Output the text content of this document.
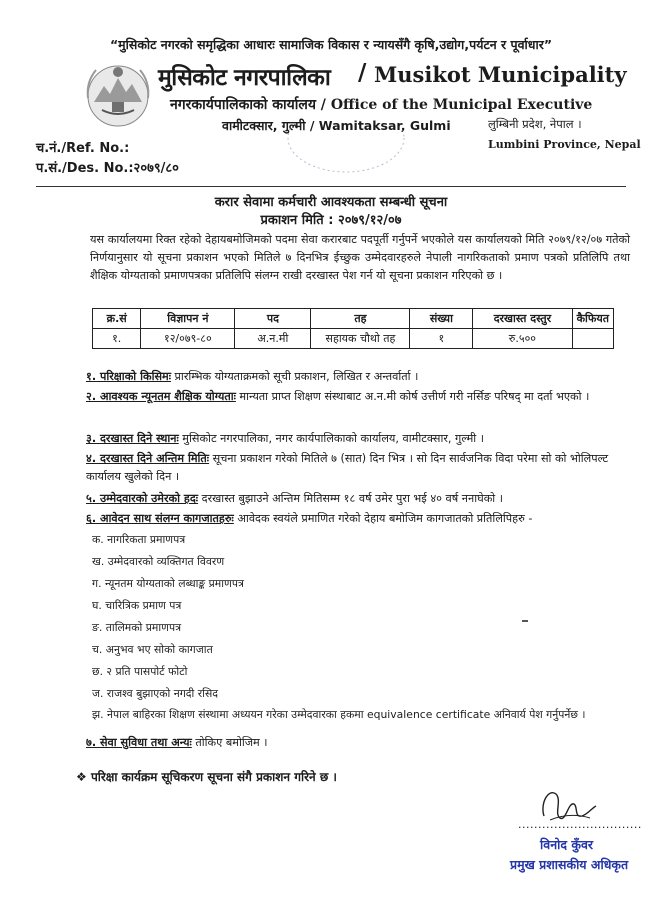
“मुसिकोट नगरको समृद्धिका आधारः सामाजिक विकास र न्यायसँगै कृषि,उद्योग,पर्यटन र पूर्वाधार”
मुसिकोट नगरपालिका / Musikot Municipality
नगरकार्यपालिकाको कार्यालय / Office of the Municipal Executive
वामीटक्सार, गुल्मी / Wamitaksar, Gulmi	लुम्बिनी प्रदेश, नेपाल ।
Lumbini Province, Nepal
च.नं./Ref. No.:
प.सं./Des. No.:२०७९/८०
करार सेवामा कर्मचारी आवश्यकता सम्बन्धी सूचना
प्रकाशन मिति : २०७९/१२/०७
यस कार्यालयमा रिक्त रहेको देहायबमोजिमको पदमा सेवा करारबाट पदपूर्ती गर्नुपर्ने भएकोले यस कार्यालयको मिति २०७९/१२/०७ गतेको निर्णयानुसार यो सूचना प्रकाशन भएको मितिले ७ दिनभित्र ईच्छुक उम्मेदवारहरुले नेपाली नागरिकताको प्रमाण पत्रको प्रतिलिपि तथा शैक्षिक योग्यताको प्रमाणपत्रका प्रतिलिपि संलग्न राखी दरखास्त पेश गर्न यो सूचना प्रकाशन गरिएको छ ।
क्र.सं	विज्ञापन नं	पद	तह	संख्या	दरखास्त दस्तुर	कैफियत
१.	१२/०७९-८०	अ.न.मी	सहायक चौथो तह	१	रु.५००	
१. परिक्षाको किसिमः प्रारम्भिक योग्यताक्रमको सूची प्रकाशन, लिखित र अन्तर्वार्ता ।
२. आवश्यक न्यूनतम शैक्षिक योग्यताः मान्यता प्राप्त शिक्षण संस्थाबाट अ.न.मी कोर्ष उत्तीर्ण गरी नर्सिङ परिषद् मा दर्ता भएको ।
३. दरखास्त दिने स्थानः मुसिकोट नगरपालिका, नगर कार्यपालिकाको कार्यालय, वामीटक्सार, गुल्मी ।
४. दरखास्त दिने अन्तिम मितिः सूचना प्रकाशन गरेको मितिले ७ (सात) दिन भित्र । सो दिन सार्वजनिक विदा परेमा सो को भोलिपल्ट कार्यालय खुलेको दिन ।
५. उम्मेदवारको उमेरको हदः दरखास्त बुझाउने अन्तिम मितिसम्म १८ वर्ष उमेर पुरा भई ४० वर्ष ननाघेको ।
६. आवेदन साथ संलग्न कागजातहरुः आवेदक स्वयंले प्रमाणित गरेको देहाय बमोजिम कागजातको प्रतिलिपिहरु -
क. नागरिकता प्रमाणपत्र
ख. उम्मेदवारको व्यक्तिगत विवरण
ग. न्यूनतम योग्यताको लब्धाङ्क प्रमाणपत्र
घ. चारित्रिक प्रमाण पत्र
ङ. तालिमको प्रमाणपत्र
च. अनुभव भए सोको कागजात
छ. २ प्रति पासपोर्ट फोटो
ज. राजश्व बुझाएको नगदी रसिद
झ. नेपाल बाहिरका शिक्षण संस्थामा अध्ययन गरेका उम्मेदवारका हकमा equivalence certificate अनिवार्य पेश गर्नुपर्नेछ ।
७. सेवा सुविधा तथा अन्यः तोकिए बमोजिम ।
❖ परिक्षा कार्यक्रम सूचिकरण सूचना संगै प्रकाशन गरिने छ ।
...............................
विनोद कुँवर
प्रमुख प्रशासकीय अधिकृत
